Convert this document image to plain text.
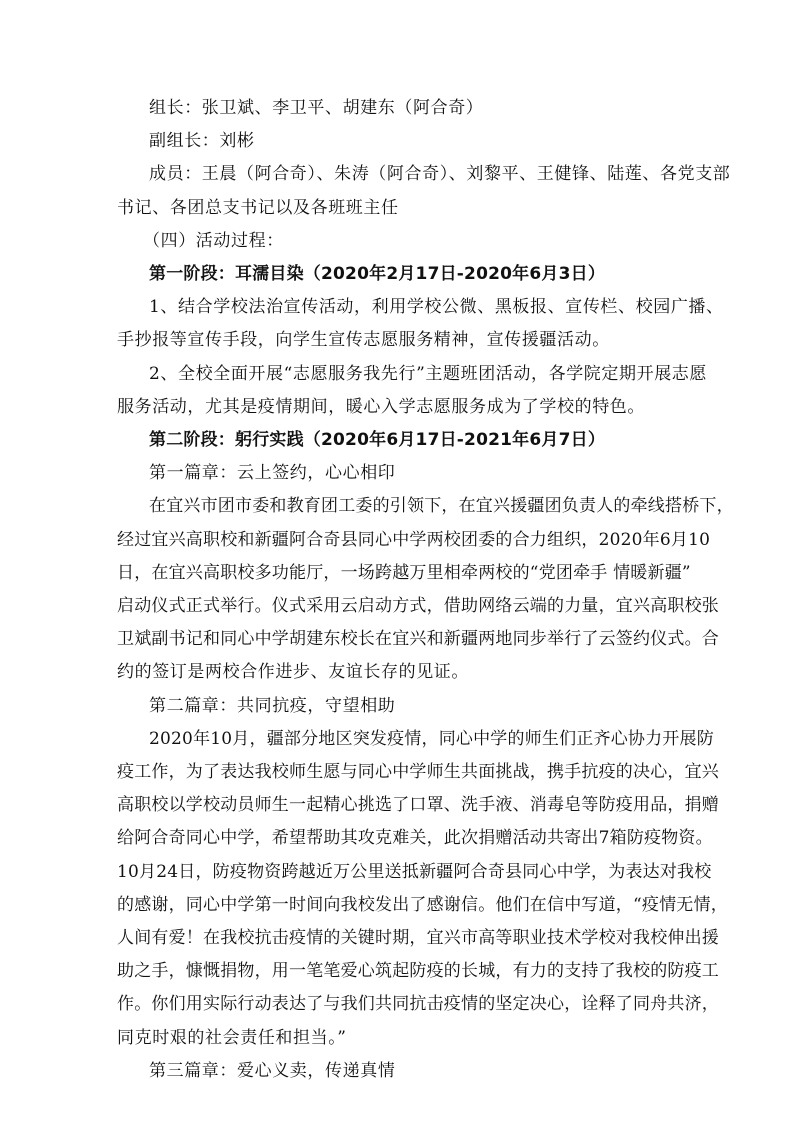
组长：张卫斌、李卫平、胡建东（阿合奇）
副组长：刘彬
成员：王晨（阿合奇）、朱涛（阿合奇）、刘黎平、王健锋、陆莲、各党支部
书记、各团总支书记以及各班班主任
（四）活动过程：
第一阶段：耳濡目染（2020年2月17日-2020年6月3日）
1、结合学校法治宣传活动，利用学校公微、黑板报、宣传栏、校园广播、
手抄报等宣传手段，向学生宣传志愿服务精神，宣传援疆活动。
2、全校全面开展“志愿服务我先行”主题班团活动，各学院定期开展志愿
服务活动，尤其是疫情期间，暖心入学志愿服务成为了学校的特色。
第二阶段：躬行实践（2020年6月17日-2021年6月7日）
第一篇章：云上签约，心心相印
在宜兴市团市委和教育团工委的引领下，在宜兴援疆团负责人的牵线搭桥下，
经过宜兴高职校和新疆阿合奇县同心中学两校团委的合力组织，2020年6月10
日，在宜兴高职校多功能厅，一场跨越万里相牵两校的“党团牵手 情暖新疆”
启动仪式正式举行。仪式采用云启动方式，借助网络云端的力量，宜兴高职校张
卫斌副书记和同心中学胡建东校长在宜兴和新疆两地同步举行了云签约仪式。合
约的签订是两校合作进步、友谊长存的见证。
第二篇章：共同抗疫，守望相助
2020年10月，疆部分地区突发疫情，同心中学的师生们正齐心协力开展防
疫工作，为了表达我校师生愿与同心中学师生共面挑战，携手抗疫的决心，宜兴
高职校以学校动员师生一起精心挑选了口罩、洗手液、消毒皂等防疫用品，捐赠
给阿合奇同心中学，希望帮助其攻克难关，此次捐赠活动共寄出7箱防疫物资。
10月24日，防疫物资跨越近万公里送抵新疆阿合奇县同心中学，为表达对我校
的感谢，同心中学第一时间向我校发出了感谢信。他们在信中写道，“疫情无情，
人间有爱！在我校抗击疫情的关键时期，宜兴市高等职业技术学校对我校伸出援
助之手，慷慨捐物，用一笔笔爱心筑起防疫的长城，有力的支持了我校的防疫工
作。你们用实际行动表达了与我们共同抗击疫情的坚定决心，诠释了同舟共济，
同克时艰的社会责任和担当。”
第三篇章：爱心义卖，传递真情
